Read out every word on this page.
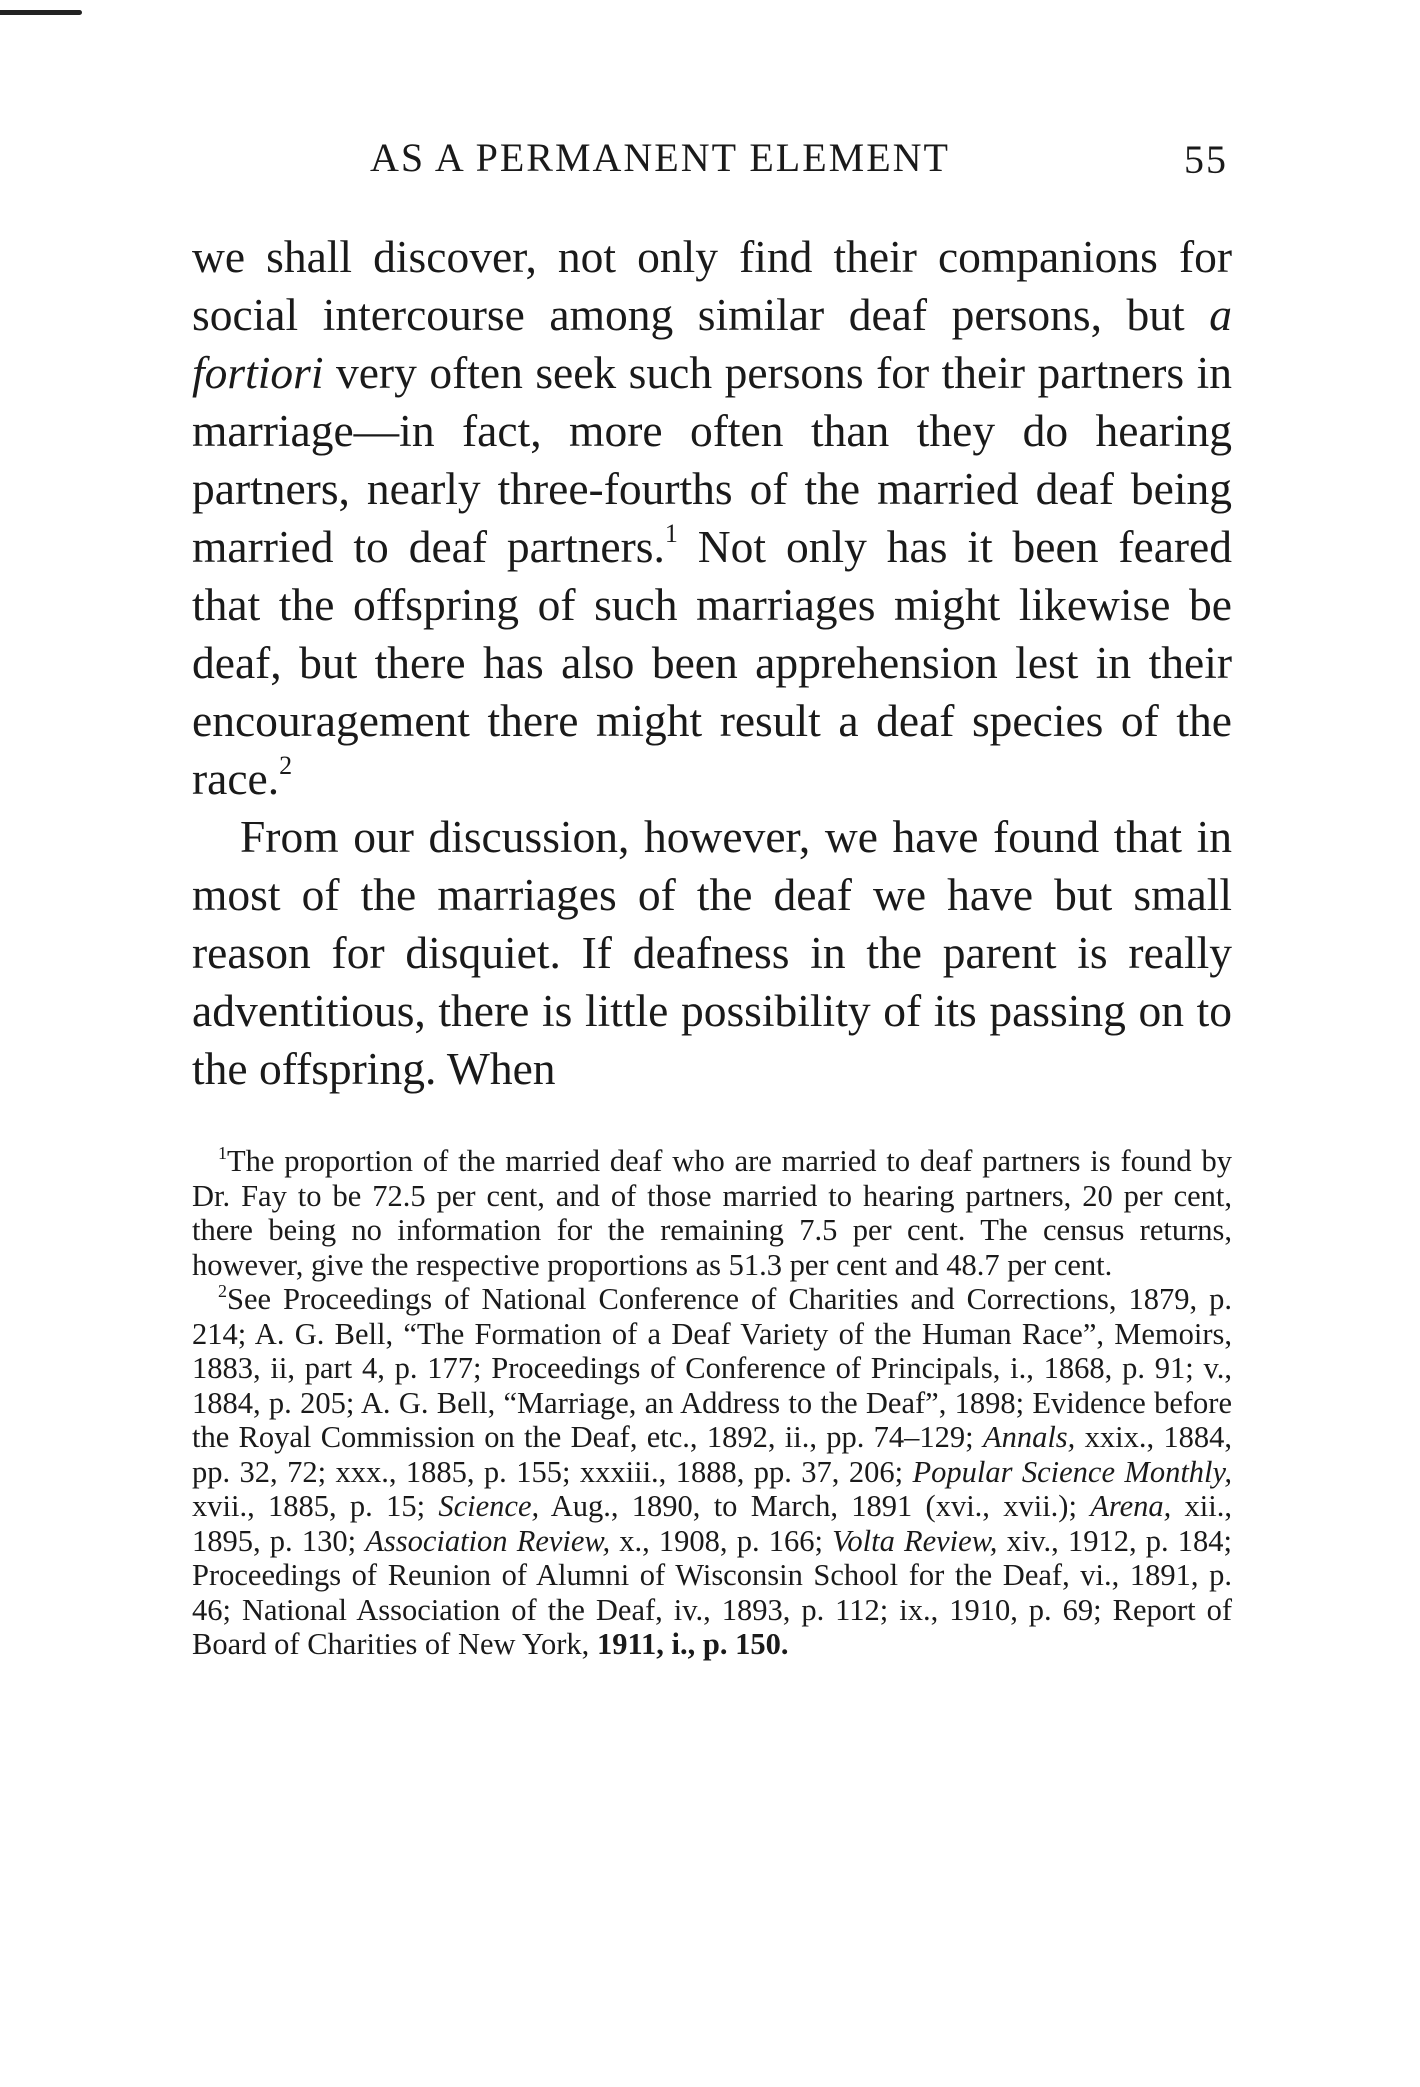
AS A PERMANENT ELEMENT	55

we shall discover, not only find their companions for social intercourse among similar deaf persons, but a fortiori very often seek such persons for their partners in marriage—in fact, more often than they do hearing partners, nearly three-fourths of the married deaf being married to deaf partners.$^1$ Not only has it been feared that the offspring of such marriages might likewise be deaf, but there has also been apprehension lest in their encouragement there might result a deaf species of the race.$^2$

From our discussion, however, we have found that in most of the marriages of the deaf we have but small reason for disquiet. If deafness in the parent is really adventitious, there is little possibility of its passing on to the offspring. When

$^1$The proportion of the married deaf who are married to deaf partners is found by Dr. Fay to be 72.5 per cent, and of those married to hearing partners, 20 per cent, there being no information for the remaining 7.5 per cent. The census returns, however, give the respective proportions as 51.3 per cent and 48.7 per cent.

$^2$See Proceedings of National Conference of Charities and Corrections, 1879, p. 214; A. G. Bell, “The Formation of a Deaf Variety of the Human Race”, Memoirs, 1883, ii, part 4, p. 177; Proceedings of Conference of Principals, i., 1868, p. 91; v., 1884, p. 205; A. G. Bell, “Marriage, an Address to the Deaf”, 1898; Evidence before the Royal Commission on the Deaf, etc., 1892, ii., pp. 74–129; Annals, xxix., 1884, pp. 32, 72; xxx., 1885, p. 155; xxxiii., 1888, pp. 37, 206; Popular Science Monthly, xvii., 1885, p. 15; Science, Aug., 1890, to March, 1891 (xvi., xvii.); Arena, xii., 1895, p. 130; Association Review, x., 1908, p. 166; Volta Review, xiv., 1912, p. 184; Proceedings of Reunion of Alumni of Wisconsin School for the Deaf, vi., 1891, p. 46; National Association of the Deaf, iv., 1893, p. 112; ix., 1910, p. 69; Report of Board of Charities of New York, 1911, i., p. 150.
